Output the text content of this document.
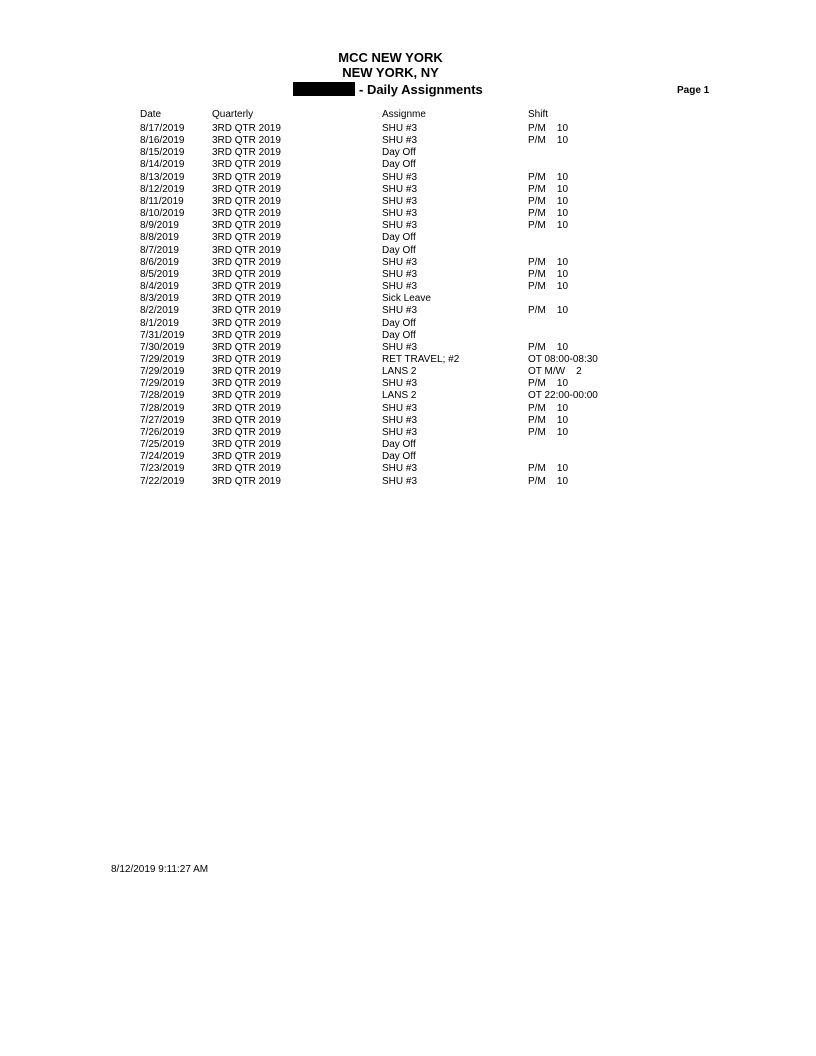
MCC NEW YORK
NEW YORK, NY
- Daily Assignments	Page 1
Date	Quarterly	Assignme	Shift
8/17/2019	3RD QTR 2019	SHU #3	P/M    10
8/16/2019	3RD QTR 2019	SHU #3	P/M    10
8/15/2019	3RD QTR 2019	Day Off
8/14/2019	3RD QTR 2019	Day Off
8/13/2019	3RD QTR 2019	SHU #3	P/M    10
8/12/2019	3RD QTR 2019	SHU #3	P/M    10
8/11/2019	3RD QTR 2019	SHU #3	P/M    10
8/10/2019	3RD QTR 2019	SHU #3	P/M    10
8/9/2019	3RD QTR 2019	SHU #3	P/M    10
8/8/2019	3RD QTR 2019	Day Off
8/7/2019	3RD QTR 2019	Day Off
8/6/2019	3RD QTR 2019	SHU #3	P/M    10
8/5/2019	3RD QTR 2019	SHU #3	P/M    10
8/4/2019	3RD QTR 2019	SHU #3	P/M    10
8/3/2019	3RD QTR 2019	Sick Leave
8/2/2019	3RD QTR 2019	SHU #3	P/M    10
8/1/2019	3RD QTR 2019	Day Off
7/31/2019	3RD QTR 2019	Day Off
7/30/2019	3RD QTR 2019	SHU #3	P/M    10
7/29/2019	3RD QTR 2019	RET TRAVEL; #2	OT 08:00-08:30
7/29/2019	3RD QTR 2019	LANS 2	OT M/W    2
7/29/2019	3RD QTR 2019	SHU #3	P/M    10
7/28/2019	3RD QTR 2019	LANS 2	OT 22:00-00:00
7/28/2019	3RD QTR 2019	SHU #3	P/M    10
7/27/2019	3RD QTR 2019	SHU #3	P/M    10
7/26/2019	3RD QTR 2019	SHU #3	P/M    10
7/25/2019	3RD QTR 2019	Day Off
7/24/2019	3RD QTR 2019	Day Off
7/23/2019	3RD QTR 2019	SHU #3	P/M    10
7/22/2019	3RD QTR 2019	SHU #3	P/M    10
8/12/2019 9:11:27 AM
